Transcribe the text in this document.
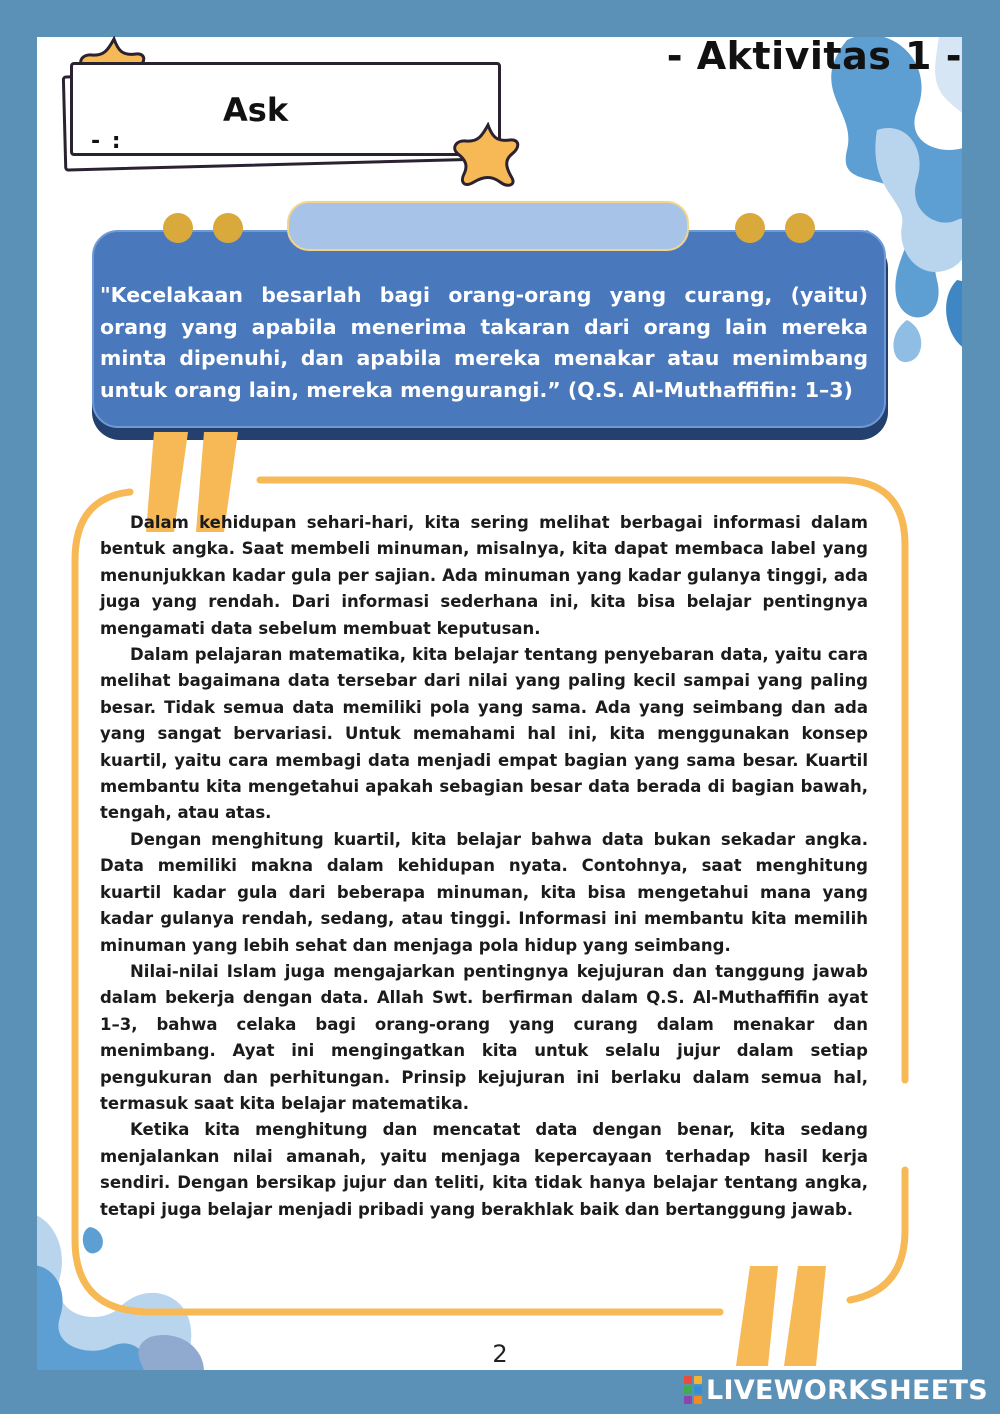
Ask
- :
- Aktivitas 1 -

"Kecelakaan besarlah bagi orang-orang yang curang, (yaitu) orang yang apabila menerima takaran dari orang lain mereka minta dipenuhi, dan apabila mereka menakar atau menimbang untuk orang lain, mereka mengurangi.” (Q.S. Al-Muthaffifin: 1–3)

Dalam kehidupan sehari-hari, kita sering melihat berbagai informasi dalam bentuk angka. Saat membeli minuman, misalnya, kita dapat membaca label yang menunjukkan kadar gula per sajian. Ada minuman yang kadar gulanya tinggi, ada juga yang rendah. Dari informasi sederhana ini, kita bisa belajar pentingnya mengamati data sebelum membuat keputusan.

Dalam pelajaran matematika, kita belajar tentang penyebaran data, yaitu cara melihat bagaimana data tersebar dari nilai yang paling kecil sampai yang paling besar. Tidak semua data memiliki pola yang sama. Ada yang seimbang dan ada yang sangat bervariasi. Untuk memahami hal ini, kita menggunakan konsep kuartil, yaitu cara membagi data menjadi empat bagian yang sama besar. Kuartil membantu kita mengetahui apakah sebagian besar data berada di bagian bawah, tengah, atau atas.

Dengan menghitung kuartil, kita belajar bahwa data bukan sekadar angka. Data memiliki makna dalam kehidupan nyata. Contohnya, saat menghitung kuartil kadar gula dari beberapa minuman, kita bisa mengetahui mana yang kadar gulanya rendah, sedang, atau tinggi. Informasi ini membantu kita memilih minuman yang lebih sehat dan menjaga pola hidup yang seimbang.

Nilai-nilai Islam juga mengajarkan pentingnya kejujuran dan tanggung jawab dalam bekerja dengan data. Allah Swt. berfirman dalam Q.S. Al-Muthaffifin ayat 1–3, bahwa celaka bagi orang-orang yang curang dalam menakar dan menimbang. Ayat ini mengingatkan kita untuk selalu jujur dalam setiap pengukuran dan perhitungan. Prinsip kejujuran ini berlaku dalam semua hal, termasuk saat kita belajar matematika.

Ketika kita menghitung dan mencatat data dengan benar, kita sedang menjalankan nilai amanah, yaitu menjaga kepercayaan terhadap hasil kerja sendiri. Dengan bersikap jujur dan teliti, kita tidak hanya belajar tentang angka, tetapi juga belajar menjadi pribadi yang berakhlak baik dan bertanggung jawab.

2
LIVEWORKSHEETS
